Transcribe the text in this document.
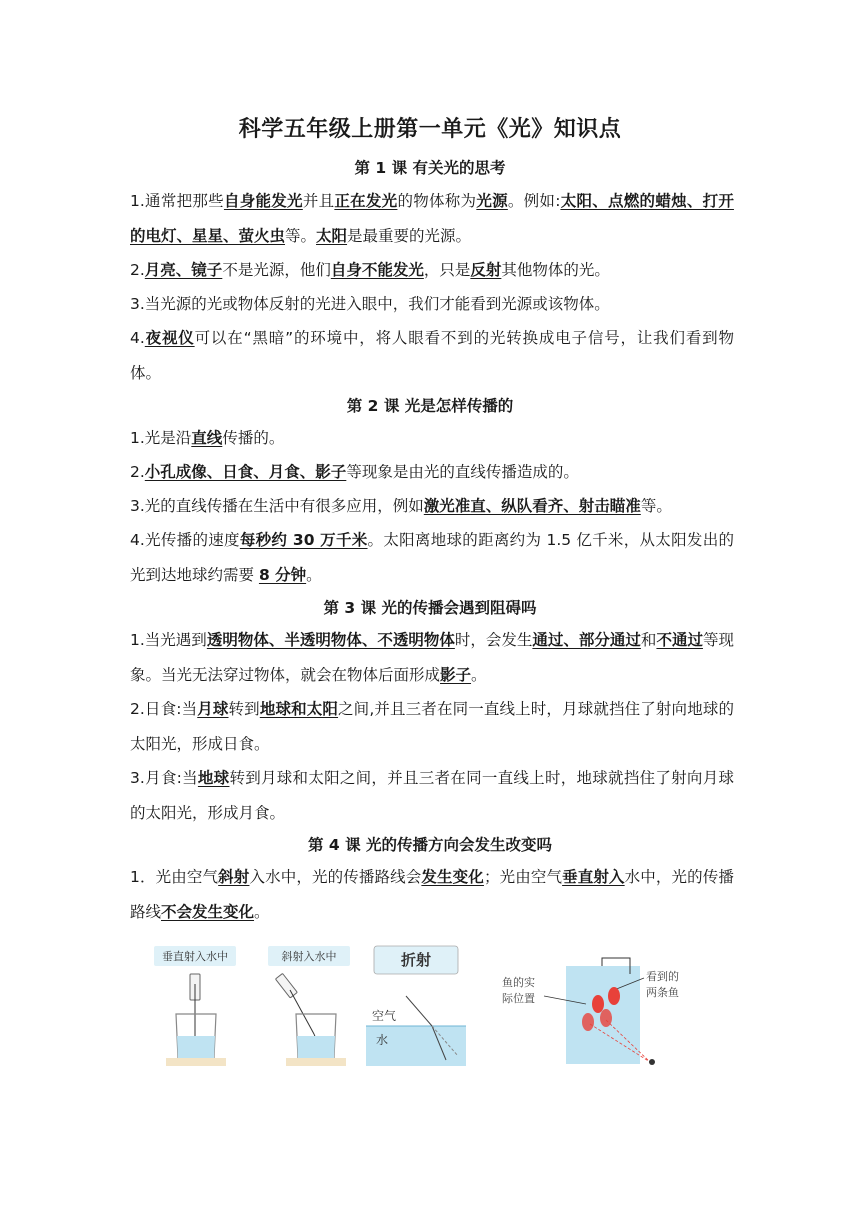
科学五年级上册第一单元《光》知识点
第 1 课 有关光的思考
1.通常把那些自身能发光并且正在发光的物体称为光源。例如:太阳、点燃的蜡烛、打开的电灯、星星、萤火虫等。太阳是最重要的光源。
2.月亮、镜子不是光源，他们自身不能发光，只是反射其他物体的光。
3.当光源的光或物体反射的光进入眼中，我们才能看到光源或该物体。
4.夜视仪可以在“黑暗”的环境中，将人眼看不到的光转换成电子信号，让我们看到物体。
第 2 课 光是怎样传播的
1.光是沿直线传播的。
2.小孔成像、日食、月食、影子等现象是由光的直线传播造成的。
3.光的直线传播在生活中有很多应用，例如激光准直、纵队看齐、射击瞄准等。
4.光传播的速度每秒约 30 万千米。太阳离地球的距离约为 1.5 亿千米，从太阳发出的光到达地球约需要 8 分钟。
第 3 课 光的传播会遇到阻碍吗
1.当光遇到透明物体、半透明物体、不透明物体时，会发生通过、部分通过和不通过等现象。当光无法穿过物体，就会在物体后面形成影子。
2.日食:当月球转到地球和太阳之间,并且三者在同一直线上时，月球就挡住了射向地球的太阳光，形成日食。
3.月食:当地球转到月球和太阳之间，并且三者在同一直线上时，地球就挡住了射向月球的太阳光，形成月食。
第 4 课 光的传播方向会发生改变吗
1．光由空气斜射入水中，光的传播路线会发生变化；光由空气垂直射入水中，光的传播路线不会发生变化。
垂直射入水中	斜射入水中	折射
空气
水
鱼的实
际位置
看到的
两条鱼
